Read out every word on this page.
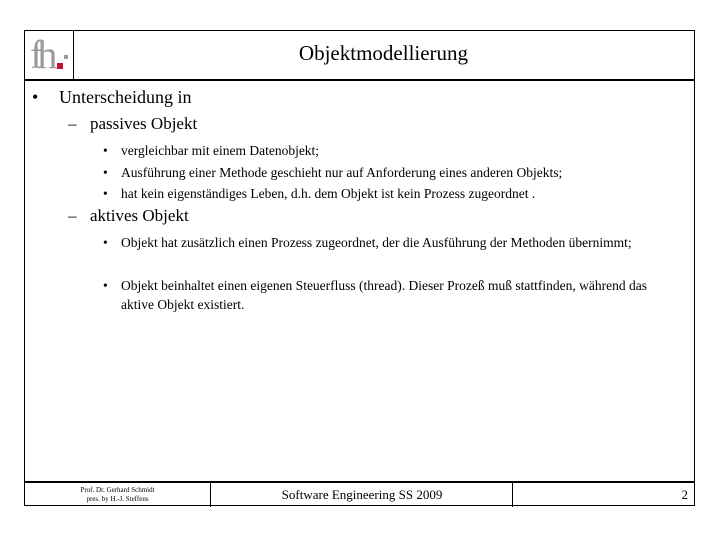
fh	Objektmodellierung
• Unterscheidung in
– passives Objekt
• vergleichbar mit einem Datenobjekt;
• Ausführung einer Methode geschieht nur auf Anforderung eines anderen Objekts;
• hat kein eigenständiges Leben, d.h. dem Objekt ist kein Prozess zugeordnet .
– aktives Objekt
• Objekt hat zusätzlich einen Prozess zugeordnet, der die Ausführung der Methoden übernimmt;
• Objekt beinhaltet einen eigenen Steuerfluss (thread). Dieser Prozeß muß stattfinden, während das aktive Objekt existiert.
Prof. Dr. Gerhard Schmidt
pres. by H.-J. Steffens	Software Engineering SS 2009	2
